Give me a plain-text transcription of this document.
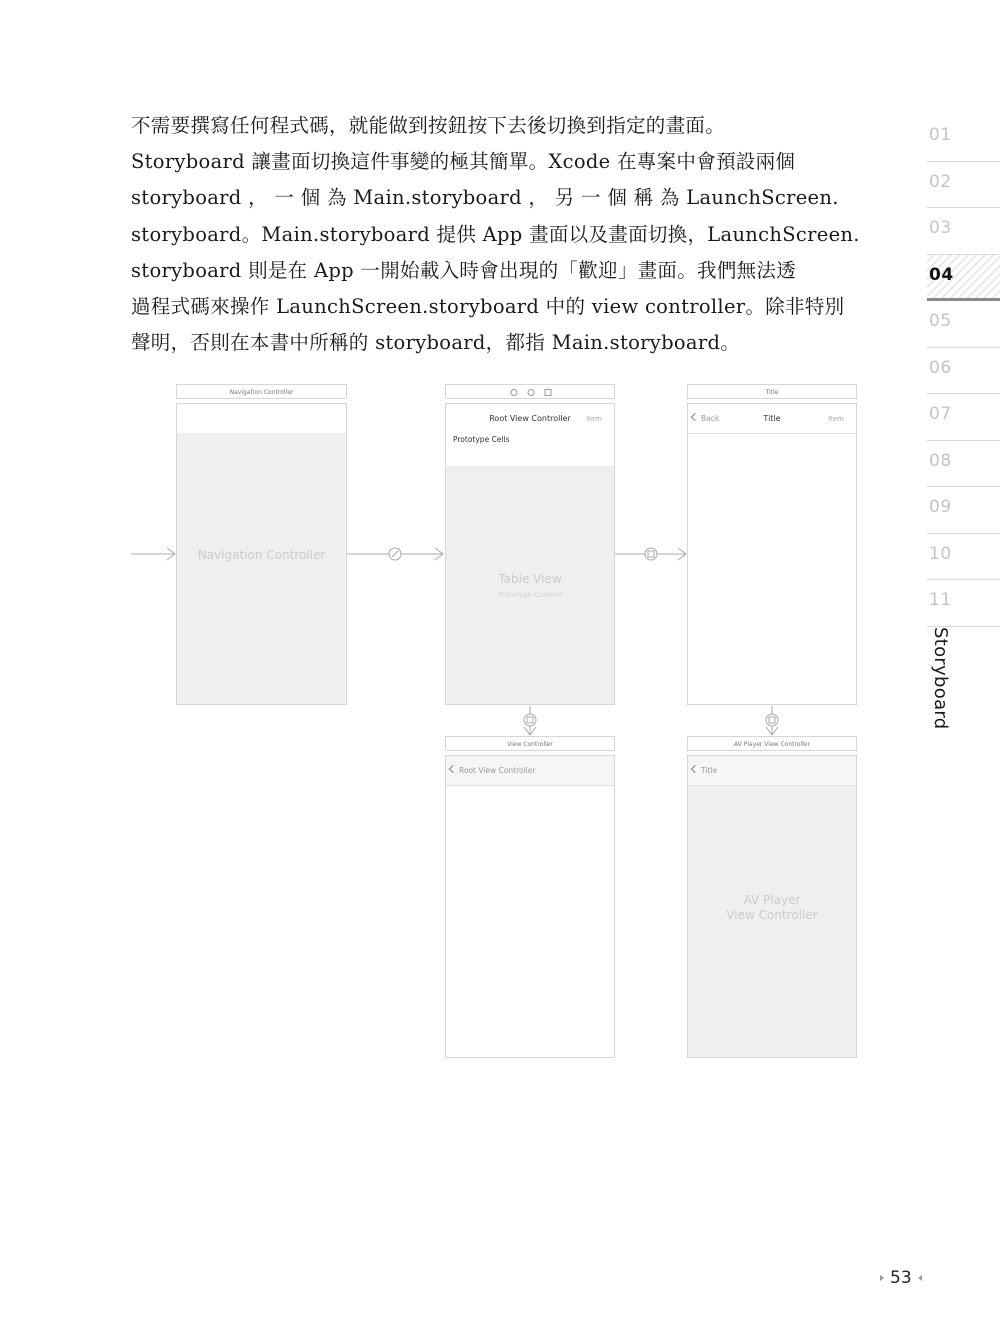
不需要撰寫任何程式碼，就能做到按鈕按下去後切換到指定的畫面。
Storyboard 讓畫面切換這件事變的極其簡單。Xcode 在專案中會預設兩個
storyboard ， 一 個 為 Main.storyboard ， 另 一 個 稱 為 LaunchScreen.
storyboard。Main.storyboard 提供 App 畫面以及畫面切換，LaunchScreen.
storyboard 則是在 App 一開始載入時會出現的「歡迎」畫面。我們無法透
過程式碼來操作 LaunchScreen.storyboard 中的 view controller。除非特別
聲明，否則在本書中所稱的 storyboard，都指 Main.storyboard。

Navigation Controller
Navigation Controller
Root View Controller	Item
Prototype Cells
Table View
Prototype Content
Title
Back	Title	Item
View Controller
Root View Controller
AV Player View Controller
Title
AV Player
View Controller
01
02
03
04
05
06
07
08
09
10
11
Storyboard
53
